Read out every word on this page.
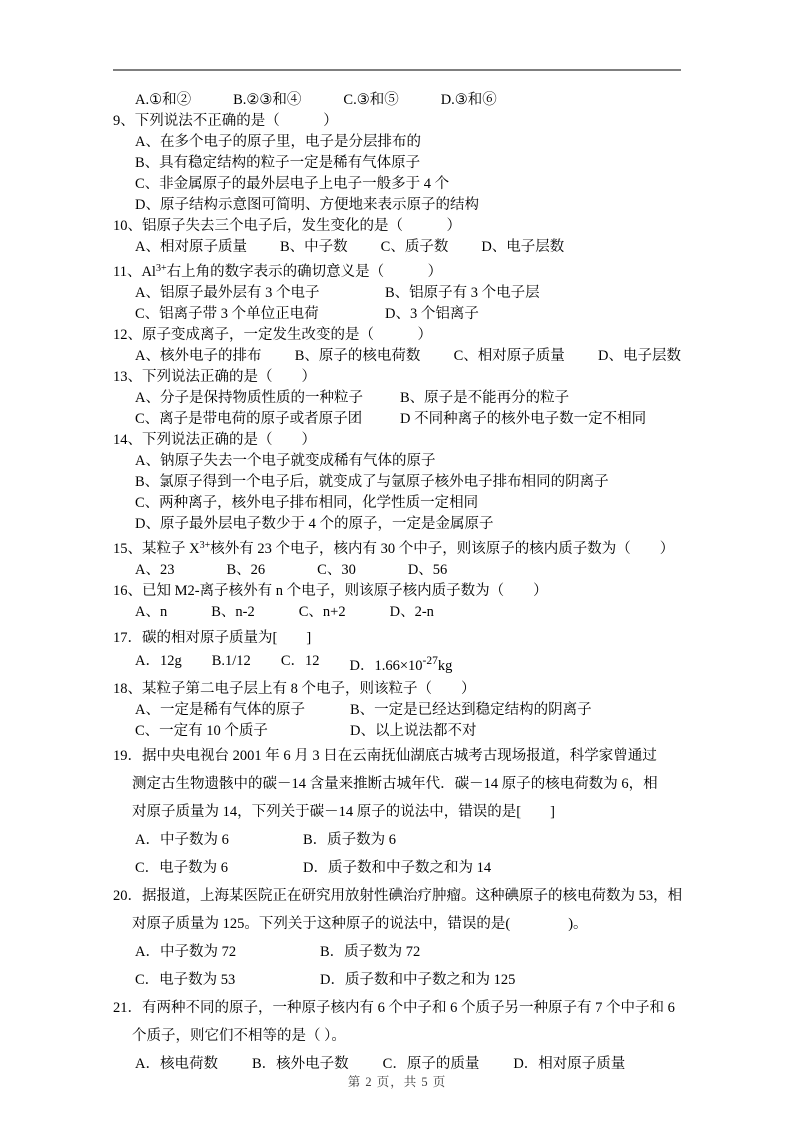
A.①和②	B.②③和④	C.③和⑤	D.③和⑥
9、下列说法不正确的是（　　　）
A、在多个电子的原子里，电子是分层排布的
B、具有稳定结构的粒子一定是稀有气体原子
C、非金属原子的最外层电子上电子一般多于 4 个
D、原子结构示意图可简明、方便地来表示原子的结构
10、铝原子失去三个电子后，发生变化的是（　　　）
A、相对原子质量 B、中子数 C、质子数 D、电子层数
11、$Al^{3+}$右上角的数字表示的确切意义是（　　　）
A、铝原子最外层有 3 个电子	B、铝原子有 3 个电子层
C、铝离子带 3 个单位正电荷	D、3 个铝离子
12、原子变成离子，一定发生改变的是（　　　）
A、核外电子的排布 B、原子的核电荷数 C、相对原子质量 D、电子层数
13、下列说法正确的是（　　）
A、分子是保持物质性质的一种粒子	B、原子是不能再分的粒子
C、离子是带电荷的原子或者原子团	D 不同种离子的核外电子数一定不相同
14、下列说法正确的是（　　）
A、钠原子失去一个电子就变成稀有气体的原子
B、氯原子得到一个电子后，就变成了与氩原子核外电子排布相同的阴离子
C、两种离子，核外电子排布相同，化学性质一定相同
D、原子最外层电子数少于 4 个的原子，一定是金属原子
15、某粒子 $X^{3+}$核外有 23 个电子，核内有 30 个中子，则该原子的核内质子数为（　　）
A、23	B、26	C、30	D、56
16、已知 M2-离子核外有 n 个电子，则该原子核内质子数为（　　）
A、n	B、n-2	C、n+2	D、2-n
17．碳的相对原子质量为[　　]
A．12g B.1/12 C．12 D．$1.66\times 10^{-27}kg$
18、某粒子第二电子层上有 8 个电子，则该粒子（　　）
A、一定是稀有气体的原子	B、一定是已经达到稳定结构的阴离子
C、一定有 10 个质子	D、以上说法都不对
19．据中央电视台 2001 年 6 月 3 日在云南抚仙湖底古城考古现场报道，科学家曾通过
测定古生物遗骸中的碳－14 含量来推断古城年代．碳－14 原子的核电荷数为 6，相
对原子质量为 14，下列关于碳－14 原子的说法中，错误的是[　　]
A．中子数为 6	B．质子数为 6
C．电子数为 6	D．质子数和中子数之和为 14
20．据报道，上海某医院正在研究用放射性碘治疗肿瘤。这种碘原子的核电荷数为 53，相
对原子质量为 125。下列关于这种原子的说法中，错误的是(　　　　)。
A．中子数为 72	B．质子数为 72
C．电子数为 53	D．质子数和中子数之和为 125
21．有两种不同的原子，一种原子核内有 6 个中子和 6 个质子另一种原子有 7 个中子和 6
个质子，则它们不相等的是（ ）。
A．核电荷数 B．核外电子数 C．原子的质量 D．相对原子质量
第 2 页，共 5 页
